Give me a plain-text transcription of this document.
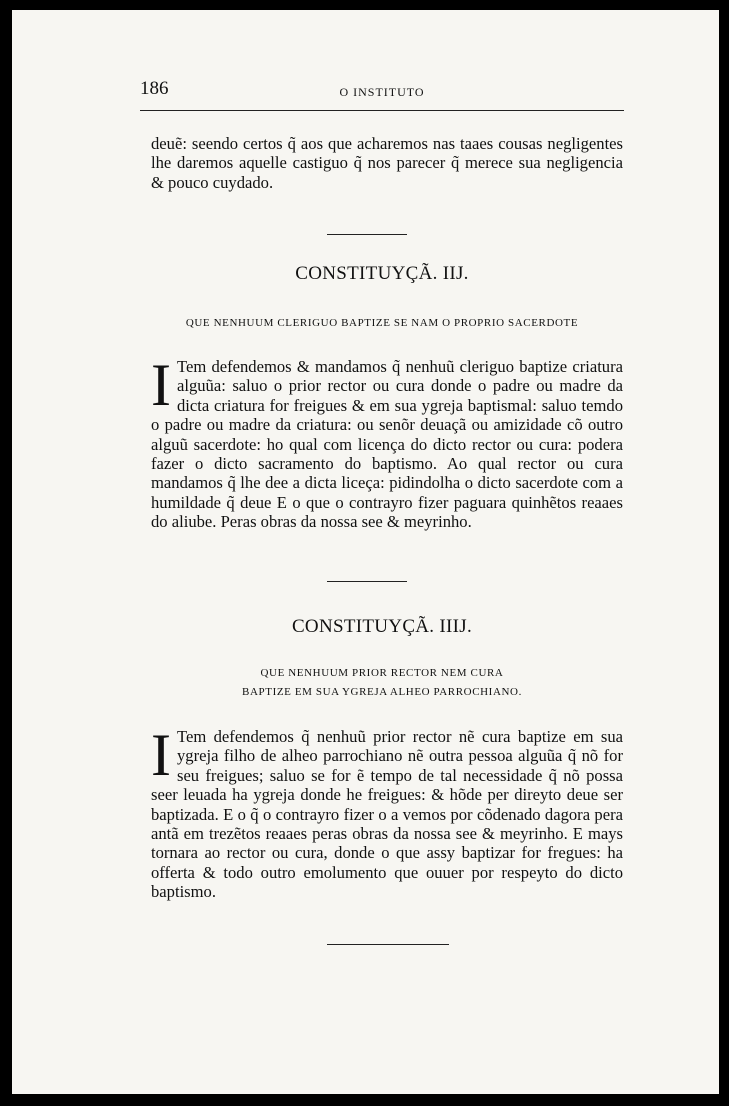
186	O INSTITUTO

deuẽ: seendo certos q̃ aos que acharemos nas taaes cousas negligentes lhe daremos aquelle castiguo q̃ nos parecer q̃ merece sua negligencia & pouco cuydado.

CONSTITUYÇÃ. IIJ.
QUE NENHUUM CLERIGUO BAPTIZE SE NAM O PROPRIO SACERDOTE
I Tem defendemos & mandamos q̃ nenhuũ cleriguo baptize criatura alguũa: saluo o prior rector ou cura donde o padre ou madre da dicta criatura for freigues & em sua ygreja baptismal: saluo temdo o padre ou madre da criatura: ou senõr deuaçã ou amizidade cõ outro alguũ sacerdote: ho qual com licença do dicto rector ou cura: podera fazer o dicto sacramento do baptismo. Ao qual rector ou cura mandamos q̃ lhe dee a dicta liceça: pidindolha o dicto sacerdote com a humildade q̃ deue E o que o contrayro fizer paguara quinhẽtos reaaes do aliube. Peras obras da nossa see & meyrinho.
CONSTITUYÇÃ. IIIJ.
QUE NENHUUM PRIOR RECTOR NEM CURA
BAPTIZE EM SUA YGREJA ALHEO PARROCHIANO.
I Tem defendemos q̃ nenhuũ prior rector nẽ cura baptize em sua ygreja filho de alheo parrochiano nẽ outra pessoa alguũa q̃ nõ for seu freigues; saluo se for ẽ tempo de tal necessidade q̃ nõ possa seer leuada ha ygreja donde he freigues: & hõde per direyto deue ser baptizada. E o q̃ o contrayro fizer o a vemos por cõdenado dagora pera antã em trezẽtos reaaes peras obras da nossa see & meyrinho. E mays tornara ao rector ou cura, donde o que assy baptizar for fregues: ha offerta & todo outro emolumento que ouuer por respeyto do dicto baptismo.
